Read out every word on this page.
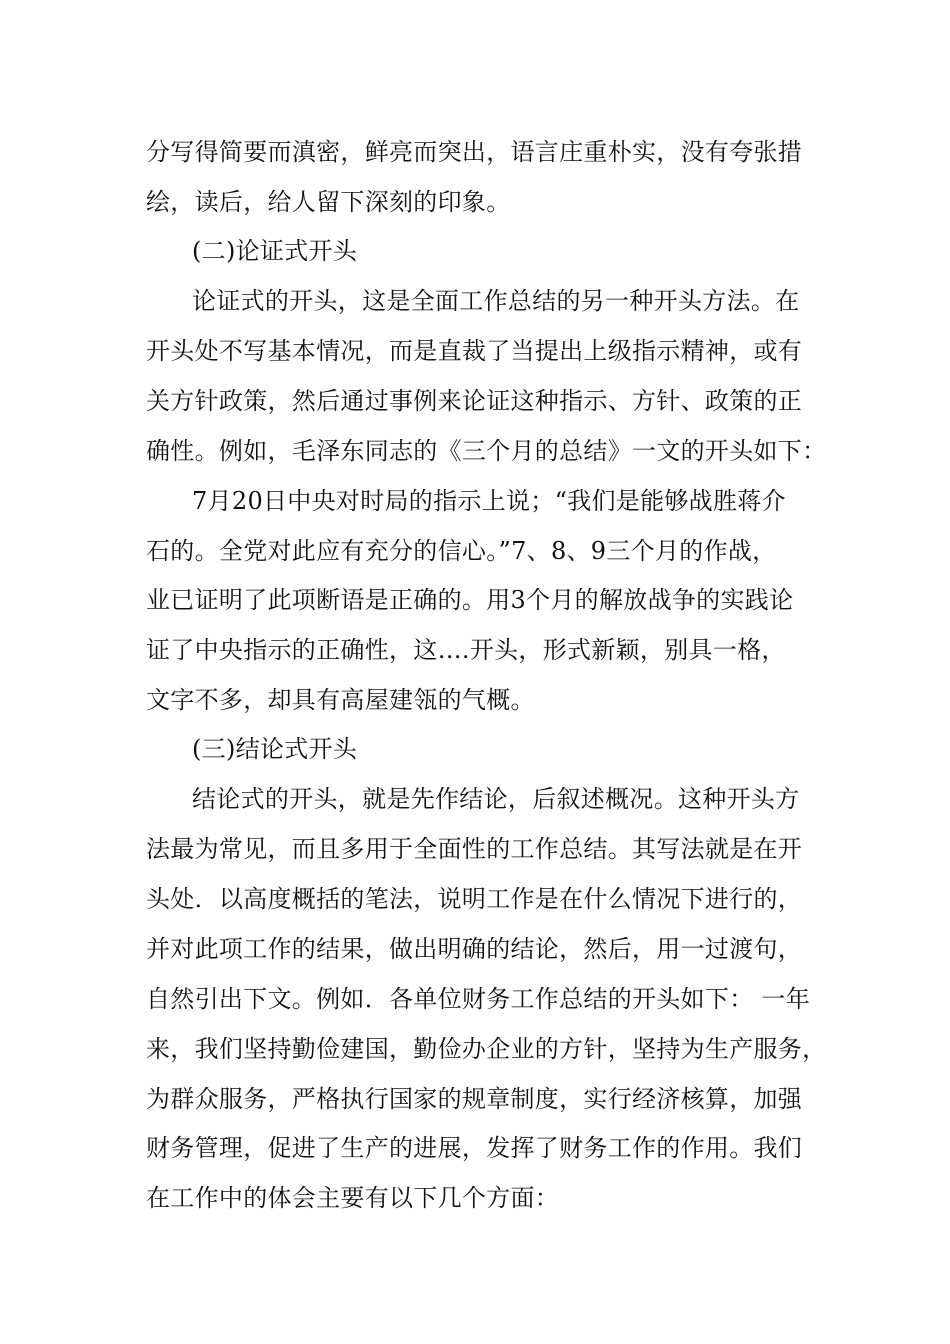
分写得简要而滇密，鲜亮而突出，语言庄重朴实，没有夸张措
绘，读后，给人留下深刻的印象。
(二)论证式开头
论证式的开头，这是全面工作总结的另一种开头方法。在
开头处不写基本情况，而是直裁了当提出上级指示精神，或有
关方针政策，然后通过事例来论证这种指示、方针、政策的正
确性。例如，毛泽东同志的《三个月的总结》一文的开头如下：
7月20日中央对时局的指示上说；“我们是能够战胜蒋介
石的。全党对此应有充分的信心。”7、8、9三个月的作战，
业已证明了此项断语是正确的。用3个月的解放战争的实践论
证了中央指示的正确性，这….开头，形式新颖，别具一格，
文字不多，却具有高屋建瓴的气概。
(三)结论式开头
结论式的开头，就是先作结论，后叙述概况。这种开头方
法最为常见，而且多用于全面性的工作总结。其写法就是在开
头处．以高度概括的笔法，说明工作是在什么情况下进行的，
并对此项工作的结果，做出明确的结论，然后，用一过渡句，
自然引出下文。例如．各单位财务工作总结的开头如下： 一年
来，我们坚持勤俭建国，勤俭办企业的方针，坚持为生产服务，
为群众服务，严格执行国家的规章制度，实行经济核算，加强
财务管理，促进了生产的进展，发挥了财务工作的作用。我们
在工作中的体会主要有以下几个方面：
